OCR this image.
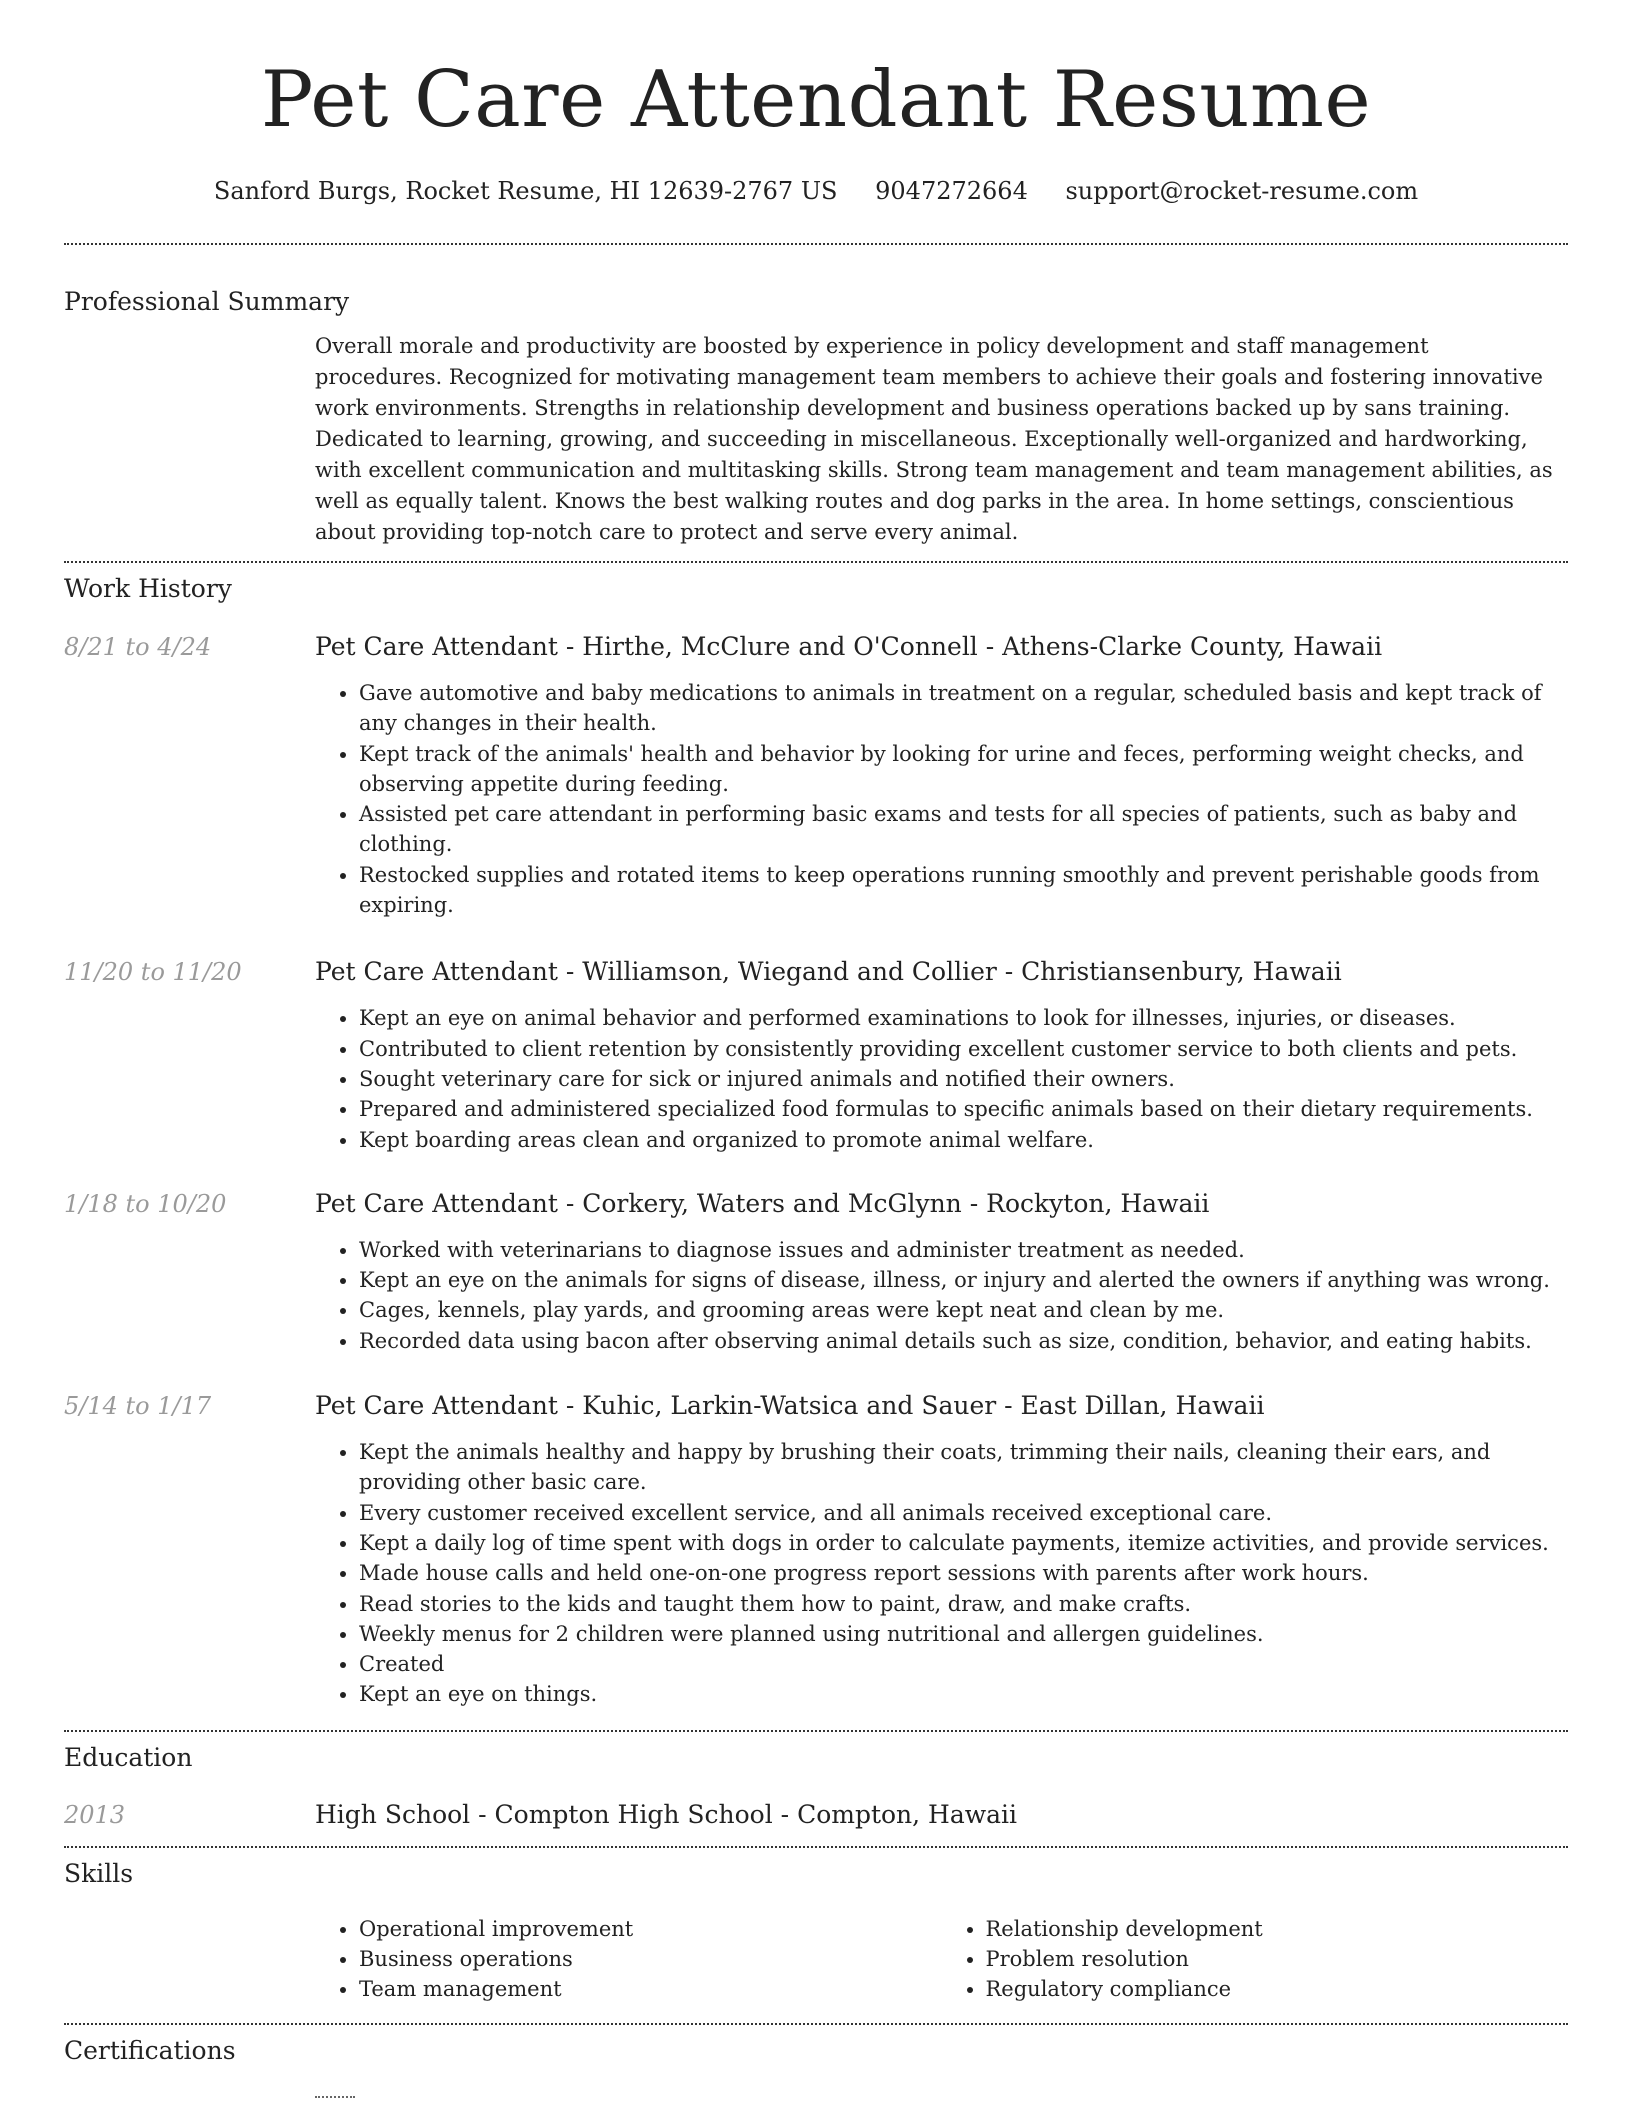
Pet Care Attendant Resume
Sanford Burgs, Rocket Resume, HI 12639-2767 US 9047272664 support@rocket-resume.com
Professional Summary
Overall morale and productivity are boosted by experience in policy development and staff management procedures. Recognized for motivating management team members to achieve their goals and fostering innovative work environments. Strengths in relationship development and business operations backed up by sans training. Dedicated to learning, growing, and succeeding in miscellaneous. Exceptionally well-organized and hardworking, with excellent communication and multitasking skills. Strong team management and team management abilities, as well as equally talent. Knows the best walking routes and dog parks in the area. In home settings, conscientious about providing top-notch care to protect and serve every animal.
Work History
8/21 to 4/24	Pet Care Attendant - Hirthe, McClure and O'Connell - Athens-Clarke County, Hawaii
• Gave automotive and baby medications to animals in treatment on a regular, scheduled basis and kept track of any changes in their health.
• Kept track of the animals' health and behavior by looking for urine and feces, performing weight checks, and observing appetite during feeding.
• Assisted pet care attendant in performing basic exams and tests for all species of patients, such as baby and clothing.
• Restocked supplies and rotated items to keep operations running smoothly and prevent perishable goods from expiring.
11/20 to 11/20	Pet Care Attendant - Williamson, Wiegand and Collier - Christiansenbury, Hawaii
• Kept an eye on animal behavior and performed examinations to look for illnesses, injuries, or diseases.
• Contributed to client retention by consistently providing excellent customer service to both clients and pets.
• Sought veterinary care for sick or injured animals and notified their owners.
• Prepared and administered specialized food formulas to specific animals based on their dietary requirements.
• Kept boarding areas clean and organized to promote animal welfare.
1/18 to 10/20	Pet Care Attendant - Corkery, Waters and McGlynn - Rockyton, Hawaii
• Worked with veterinarians to diagnose issues and administer treatment as needed.
• Kept an eye on the animals for signs of disease, illness, or injury and alerted the owners if anything was wrong.
• Cages, kennels, play yards, and grooming areas were kept neat and clean by me.
• Recorded data using bacon after observing animal details such as size, condition, behavior, and eating habits.
5/14 to 1/17	Pet Care Attendant - Kuhic, Larkin-Watsica and Sauer - East Dillan, Hawaii
• Kept the animals healthy and happy by brushing their coats, trimming their nails, cleaning their ears, and providing other basic care.
• Every customer received excellent service, and all animals received exceptional care.
• Kept a daily log of time spent with dogs in order to calculate payments, itemize activities, and provide services.
• Made house calls and held one-on-one progress report sessions with parents after work hours.
• Read stories to the kids and taught them how to paint, draw, and make crafts.
• Weekly menus for 2 children were planned using nutritional and allergen guidelines.
• Created
• Kept an eye on things.
Education
2013	High School - Compton High School - Compton, Hawaii
Skills
• Operational improvement
• Business operations
• Team management
• Relationship development
• Problem resolution
• Regulatory compliance
Certifications
